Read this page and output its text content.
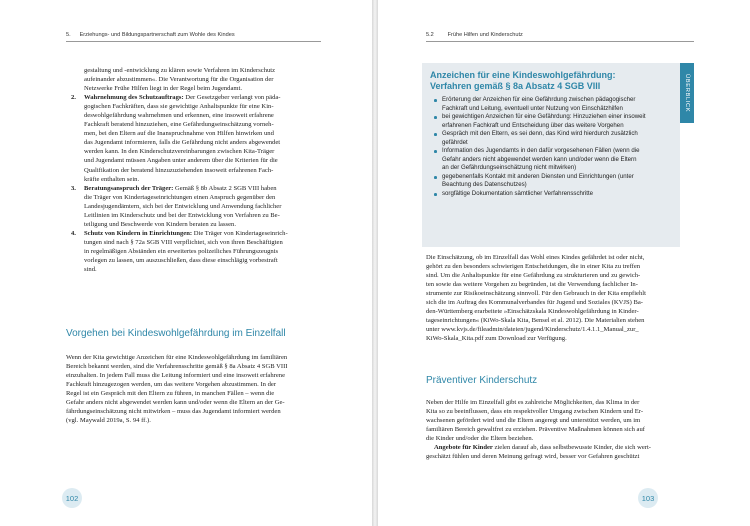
5. Erziehungs- und Bildungspartnerschaft zum Wohle des Kindes
gestaltung und -entwicklung zu klären sowie Verfahren im Kinderschutz
aufeinander abzustimmen«. Die Verantwortung für die Organisation der
Netzwerke Frühe Hilfen liegt in der Regel beim Jugendamt.
2. Wahrnehmung des Schutzauftrags: Der Gesetzgeber verlangt von päda-
gogischen Fachkräften, dass sie gewichtige Anhaltspunkte für eine Kin-
deswohlgefährdung wahrnehmen und erkennen, eine insoweit erfahrene
Fachkraft beratend hinzuziehen, eine Gefährdungseinschätzung vorneh-
men, bei den Eltern auf die Inanspruchnahme von Hilfen hinwirken und
das Jugendamt informieren, falls die Gefährdung nicht anders abgewendet
werden kann. In den Kinderschutzvereinbarungen zwischen Kita-Träger
und Jugendamt müssen Angaben unter anderem über die Kriterien für die
Qualifikation der beratend hinzuzuziehenden insoweit erfahrenen Fach-
kräfte enthalten sein.
3. Beratungsanspruch der Träger: Gemäß § 8b Absatz 2 SGB VIII haben
die Träger von Kindertageseinrichtungen einen Anspruch gegenüber den
Landesjugendämtern, sich bei der Entwicklung und Anwendung fachlicher
Leitlinien im Kinderschutz und bei der Entwicklung von Verfahren zu Be-
teiligung und Beschwerde von Kindern beraten zu lassen.
4. Schutz von Kindern in Einrichtungen: Die Träger von Kindertageseinrich-
tungen sind nach § 72a SGB VIII verpflichtet, sich von ihren Beschäftigten
in regelmäßigen Abständen ein erweitertes polizeiliches Führungszeugnis
vorlegen zu lassen, um auszuschließen, dass diese einschlägig vorbestraft
sind.
Vorgehen bei Kindeswohlgefährdung im Einzelfall
Wenn der Kita gewichtige Anzeichen für eine Kindeswohlgefährdung im familiären
Bereich bekannt werden, sind die Verfahrensschritte gemäß § 8a Absatz 4 SGB VIII
einzuhalten. In jedem Fall muss die Leitung informiert und eine insoweit erfahrene
Fachkraft hinzugezogen werden, um das weitere Vorgehen abzustimmen. In der
Regel ist ein Gespräch mit den Eltern zu führen, in manchen Fällen – wenn die
Gefahr anders nicht abgewendet werden kann und/oder wenn die Eltern an der Ge-
fährdungseinschätzung nicht mitwirken – muss das Jugendamt informiert werden
(vgl. Maywald 2019a, S. 94 ff.).
102
5.2 Frühe Hilfen und Kinderschutz
Anzeichen für eine Kindeswohlgefährdung:
Verfahren gemäß § 8a Absatz 4 SGB VIII
Erörterung der Anzeichen für eine Gefährdung zwischen pädagogischer
Fachkraft und Leitung, eventuell unter Nutzung von Einschätzhilfen
bei gewichtigen Anzeichen für eine Gefährdung: Hinzuziehen einer insoweit
erfahrenen Fachkraft und Entscheidung über das weitere Vorgehen
Gespräch mit den Eltern, es sei denn, das Kind wird hierdurch zusätzlich
gefährdet
Information des Jugendamts in den dafür vorgesehenen Fällen (wenn die
Gefahr anders nicht abgewendet werden kann und/oder wenn die Eltern
an der Gefährdungseinschätzung nicht mitwirken)
gegebenenfalls Kontakt mit anderen Diensten und Einrichtungen (unter
Beachtung des Datenschutzes)
sorgfältige Dokumentation sämtlicher Verfahrensschritte
ÜBERBLICK
Die Einschätzung, ob im Einzelfall das Wohl eines Kindes gefährdet ist oder nicht,
gehört zu den besonders schwierigen Entscheidungen, die in einer Kita zu treffen
sind. Um die Anhaltspunkte für eine Gefährdung zu strukturieren und zu gewich-
ten sowie das weitere Vorgehen zu begründen, ist die Verwendung fachlicher In-
strumente zur Risikoeinschätzung sinnvoll. Für den Gebrauch in der Kita empfiehlt
sich die im Auftrag des Kommunalverbandes für Jugend und Soziales (KVJS) Ba-
den-Württemberg erarbeitete »Einschätzskala Kindeswohlgefährdung in Kinder-
tageseinrichtungen« (KiWo-Skala Kita, Bensel et al. 2012). Die Materialien stehen
unter www.kvjs.de/fileadmin/dateien/jugend/Kinderschutz/1.4.1.1_Manual_zur_
KiWo-Skala_Kita.pdf zum Download zur Verfügung.
Präventiver Kinderschutz
Neben der Hilfe im Einzelfall gibt es zahlreiche Möglichkeiten, das Klima in der
Kita so zu beeinflussen, dass ein respektvoller Umgang zwischen Kindern und Er-
wachsenen gefördert wird und die Eltern angeregt und unterstützt werden, um im
familiären Bereich gewaltfrei zu erziehen. Präventive Maßnahmen können sich auf
die Kinder und/oder die Eltern beziehen.
Angebote für Kinder zielen darauf ab, dass selbstbewusste Kinder, die sich wert-
geschätzt fühlen und deren Meinung gefragt wird, besser vor Gefahren geschützt
103
